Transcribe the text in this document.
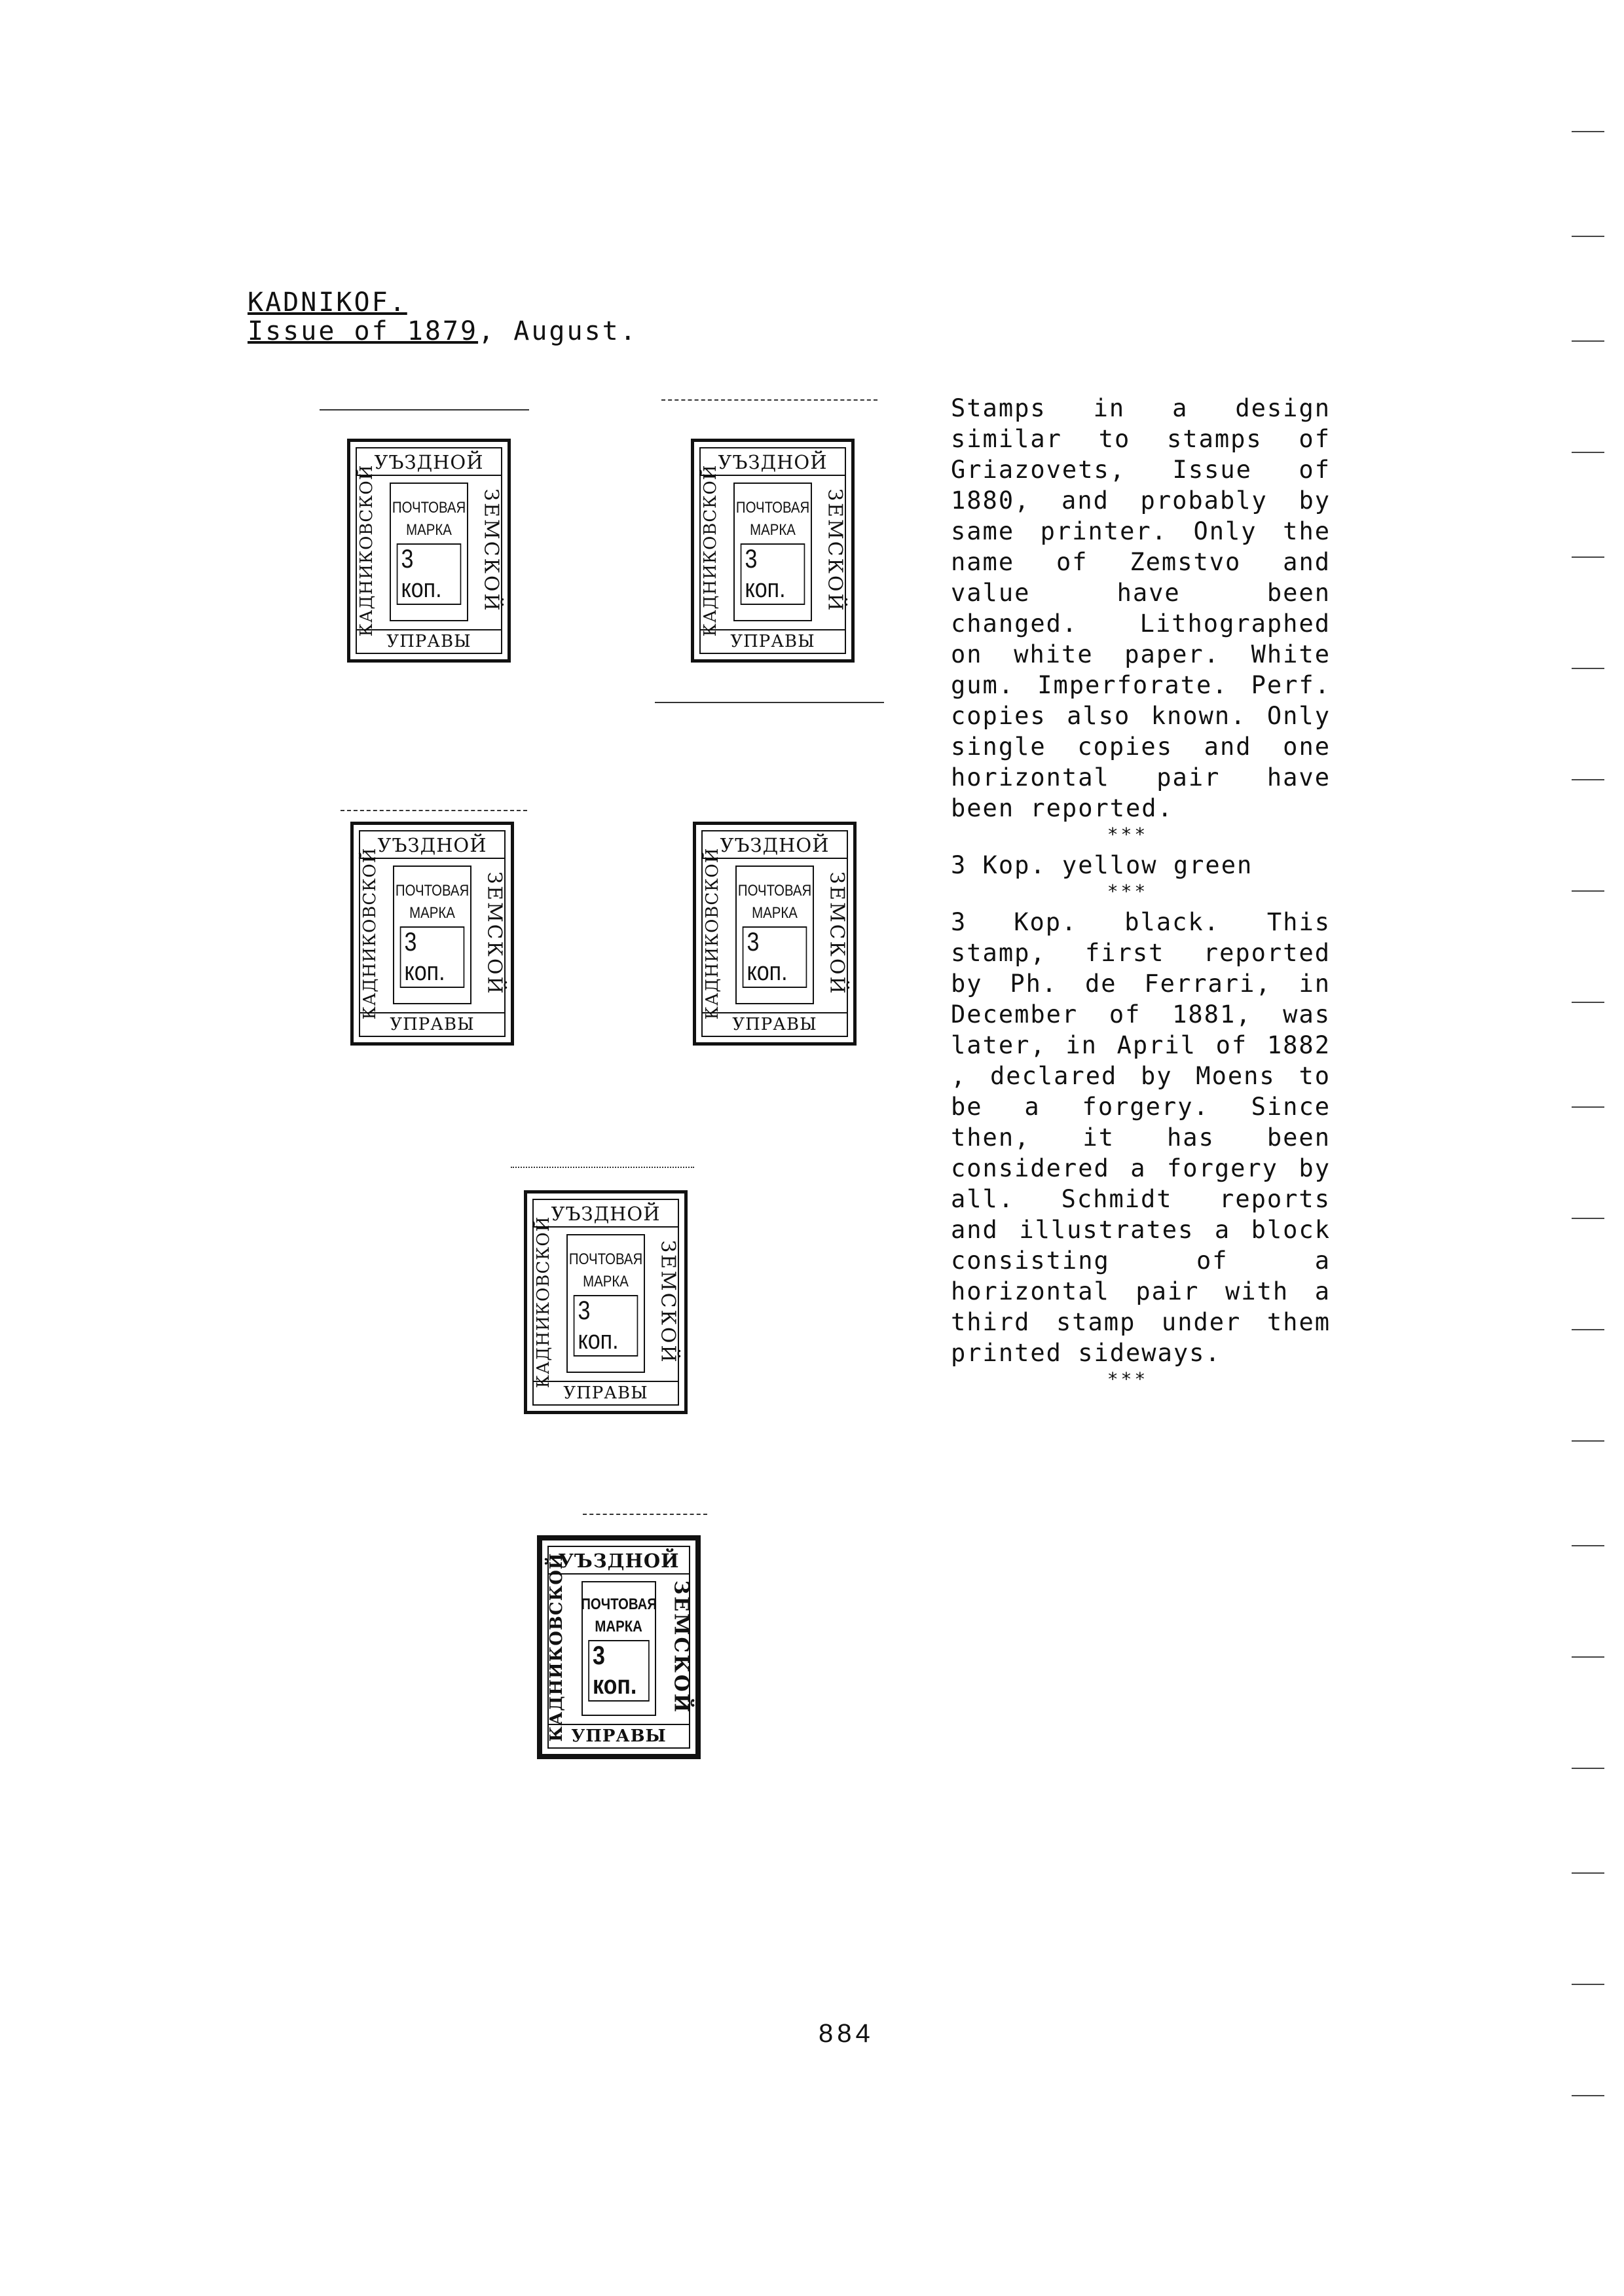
KADNIKOF.
Issue of 1879, August.
УЪЗДНОЙ
КАДНИКОВСКОЙ	ЗЕМСКОЙ
ПОЧТОВАЯ
МАРКА
3 коп.
УПРАВЫ
УЪЗДНОЙ
КАДНИКОВСКОЙ	ЗЕМСКОЙ
ПОЧТОВАЯ
МАРКА
3 коп.
УПРАВЫ
УЪЗДНОЙ
КАДНИКОВСКОЙ	ЗЕМСКОЙ
ПОЧТОВАЯ
МАРКА
3 коп.
УПРАВЫ
УЪЗДНОЙ
КАДНИКОВСКОЙ	ЗЕМСКОЙ
ПОЧТОВАЯ
МАРКА
3 коп.
УПРАВЫ
УЪЗДНОЙ
КАДНИКОВСКОЙ	ЗЕМСКОЙ
ПОЧТОВАЯ
МАРКА
3 коп.
УПРАВЫ
УЪЗДНОЙ
КАДНИКОВСКОЙ	ЗЕМСКОЙ
ПОЧТОВАЯ
МАРКА
3 коп.
УПРАВЫ

Stamps in a design similar to stamps of Griazovets, Issue of 1880, and probably by same printer. Only the name of Zemstvo and value have been changed. Lithographed on white paper. White gum. Imperforate. Perf. copies also known. Only single copies and one horizontal pair have been reported.

***

3 Kop. yellow green

***

3 Kop. black. This stamp, first reported by Ph. de Ferrari, in December of 1881, was later, in April of 1882 , declared by Moens to be a forgery. Since then, it has been considered a forgery by all. Schmidt reports and illustrates a block consisting of a horizontal pair with a third stamp under them printed sideways.

***
884
